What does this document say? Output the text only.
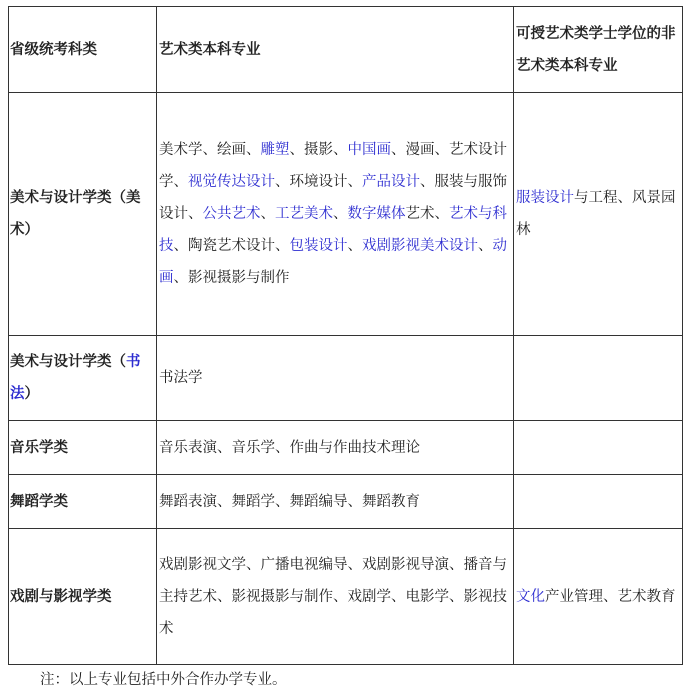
省级统考科类	艺术类本科专业	可授艺术类学士学位的非艺术类本科专业
美术与设计学类（美术）	美术学、绘画、雕塑、摄影、中国画、漫画、艺术设计学、视觉传达设计、环境设计、产品设计、服装与服饰设计、公共艺术、工艺美术、数字媒体艺术、艺术与科技、陶瓷艺术设计、包装设计、戏剧影视美术设计、动画、影视摄影与制作	服装设计与工程、风景园林
美术与设计学类（书法）	书法学	
音乐学类	音乐表演、音乐学、作曲与作曲技术理论	
舞蹈学类	舞蹈表演、舞蹈学、舞蹈编导、舞蹈教育	
戏剧与影视学类	戏剧影视文学、广播电视编导、戏剧影视导演、播音与主持艺术、影视摄影与制作、戏剧学、电影学、影视技术	文化产业管理、艺术教育
注：以上专业包括中外合作办学专业。
